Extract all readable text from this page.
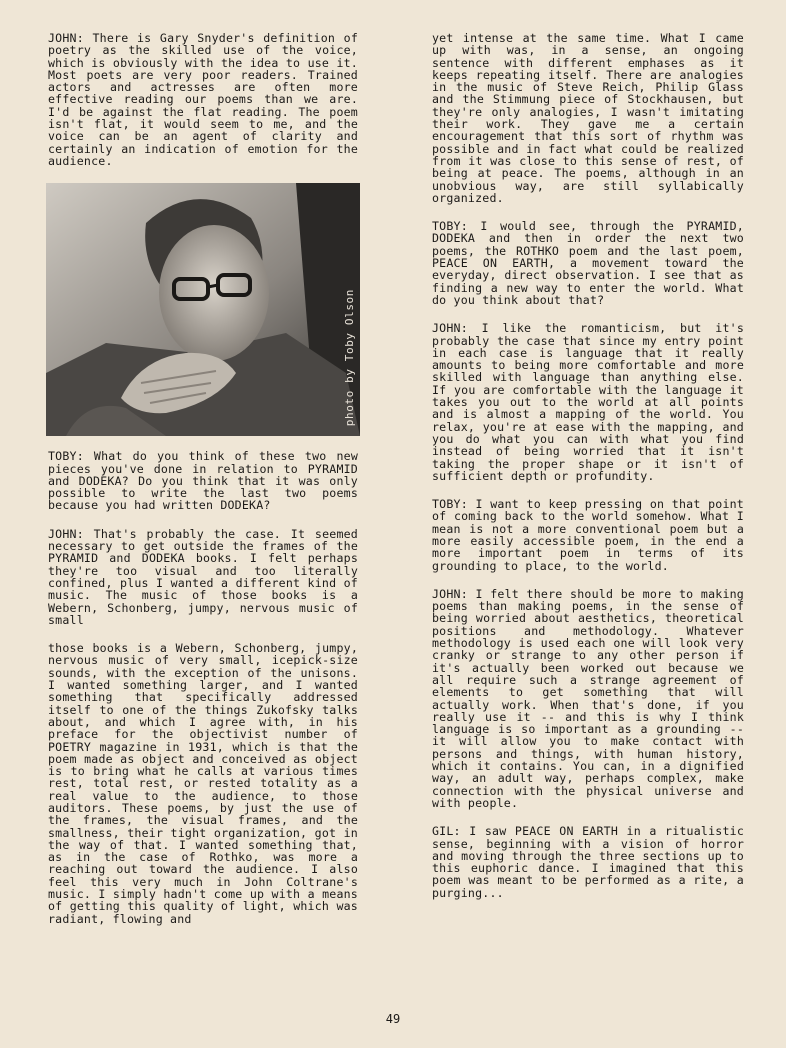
JOHN: There is Gary Snyder's definition of poetry as the skilled use of the voice, which is obviously with the idea to use it. Most poets are very poor readers. Trained actors and actresses are often more effective reading our poems than we are. I'd be against the flat reading. The poem isn't flat, it would seem to me, and the voice can be an agent of clarity and certainly an indication of emotion for the audience.

photo by Toby Olson

TOBY: What do you think of these two new pieces you've done in relation to PYRAMID and DODEKA? Do you think that it was only possible to write the last two poems because you had written DODEKA?

JOHN: That's probably the case. It seemed necessary to get outside the frames of the PYRAMID and DODEKA books. I felt perhaps they're too visual and too literally confined, plus I wanted a different kind of music. The music of those books is a Webern, Schonberg, jumpy, nervous music of small

those books is a Webern, Schonberg, jumpy, nervous music of very small, icepick-size sounds, with the exception of the unisons. I wanted something larger, and I wanted something that specifically addressed itself to one of the things Zukofsky talks about, and which I agree with, in his preface for the objectivist number of POETRY magazine in 1931, which is that the poem made as object and conceived as object is to bring what he calls at various times rest, total rest, or rested totality as a real value to the audience, to those auditors. These poems, by just the use of the frames, the visual frames, and the smallness, their tight organization, got in the way of that. I wanted something that, as in the case of Rothko, was more a reaching out toward the audience. I also feel this very much in John Coltrane's music. I simply hadn't come up with a means of getting this quality of light, which was radiant, flowing and

yet intense at the same time. What I came up with was, in a sense, an ongoing sentence with different emphases as it keeps repeating itself. There are analogies in the music of Steve Reich, Philip Glass and the Stimmung piece of Stockhausen, but they're only analogies, I wasn't imitating their work. They gave me a certain encouragement that this sort of rhythm was possible and in fact what could be realized from it was close to this sense of rest, of being at peace. The poems, although in an unobvious way, are still syllabically organized.

TOBY: I would see, through the PYRAMID, DODEKA and then in order the next two poems, the ROTHKO poem and the last poem, PEACE ON EARTH, a movement toward the everyday, direct observation. I see that as finding a new way to enter the world. What do you think about that?

JOHN: I like the romanticism, but it's probably the case that since my entry point in each case is language that it really amounts to being more comfortable and more skilled with language than anything else. If you are comfortable with the language it takes you out to the world at all points and is almost a mapping of the world. You relax, you're at ease with the mapping, and you do what you can with what you find instead of being worried that it isn't taking the proper shape or it isn't of sufficient depth or profundity.

TOBY: I want to keep pressing on that point of coming back to the world somehow. What I mean is not a more conventional poem but a more easily accessible poem, in the end a more important poem in terms of its grounding to place, to the world.

JOHN: I felt there should be more to making poems than making poems, in the sense of being worried about aesthetics, theoretical positions and methodology. Whatever methodology is used each one will look very cranky or strange to any other person if it's actually been worked out because we all require such a strange agreement of elements to get something that will actually work. When that's done, if you really use it -- and this is why I think language is so important as a grounding -- it will allow you to make contact with persons and things, with human history, which it contains. You can, in a dignified way, an adult way, perhaps complex, make connection with the physical universe and with people.

GIL: I saw PEACE ON EARTH in a ritualistic sense, beginning with a vision of horror and moving through the three sections up to this euphoric dance. I imagined that this poem was meant to be performed as a rite, a purging...

49
